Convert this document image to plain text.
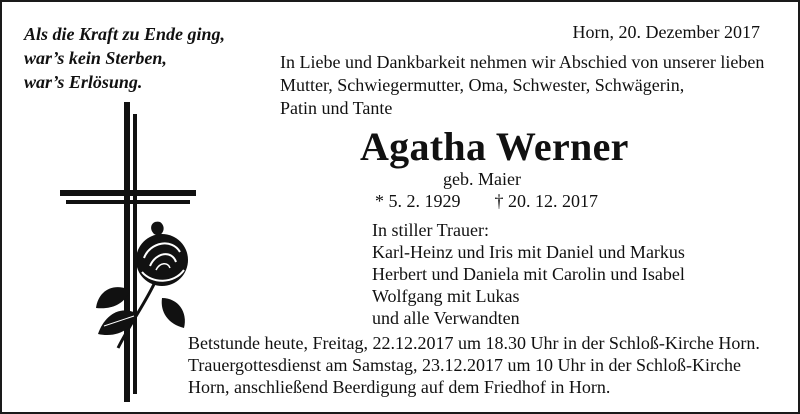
Als die Kraft zu Ende ging,
war’s kein Sterben,
war’s Erlösung.
Horn, 20. Dezember 2017
In Liebe und Dankbarkeit nehmen wir Abschied von unserer lieben
Mutter, Schwiegermutter, Oma, Schwester, Schwägerin,
Patin und Tante
Agatha Werner
geb. Maier
* 5. 2. 1929 † 20. 12. 2017
In stiller Trauer:
Karl-Heinz und Iris mit Daniel und Markus
Herbert und Daniela mit Carolin und Isabel
Wolfgang mit Lukas
und alle Verwandten
Betstunde heute, Freitag, 22.12.2017 um 18.30 Uhr in der Schloß-Kirche Horn.
Trauergottesdienst am Samstag, 23.12.2017 um 10 Uhr in der Schloß-Kirche
Horn, anschließend Beerdigung auf dem Friedhof in Horn.
